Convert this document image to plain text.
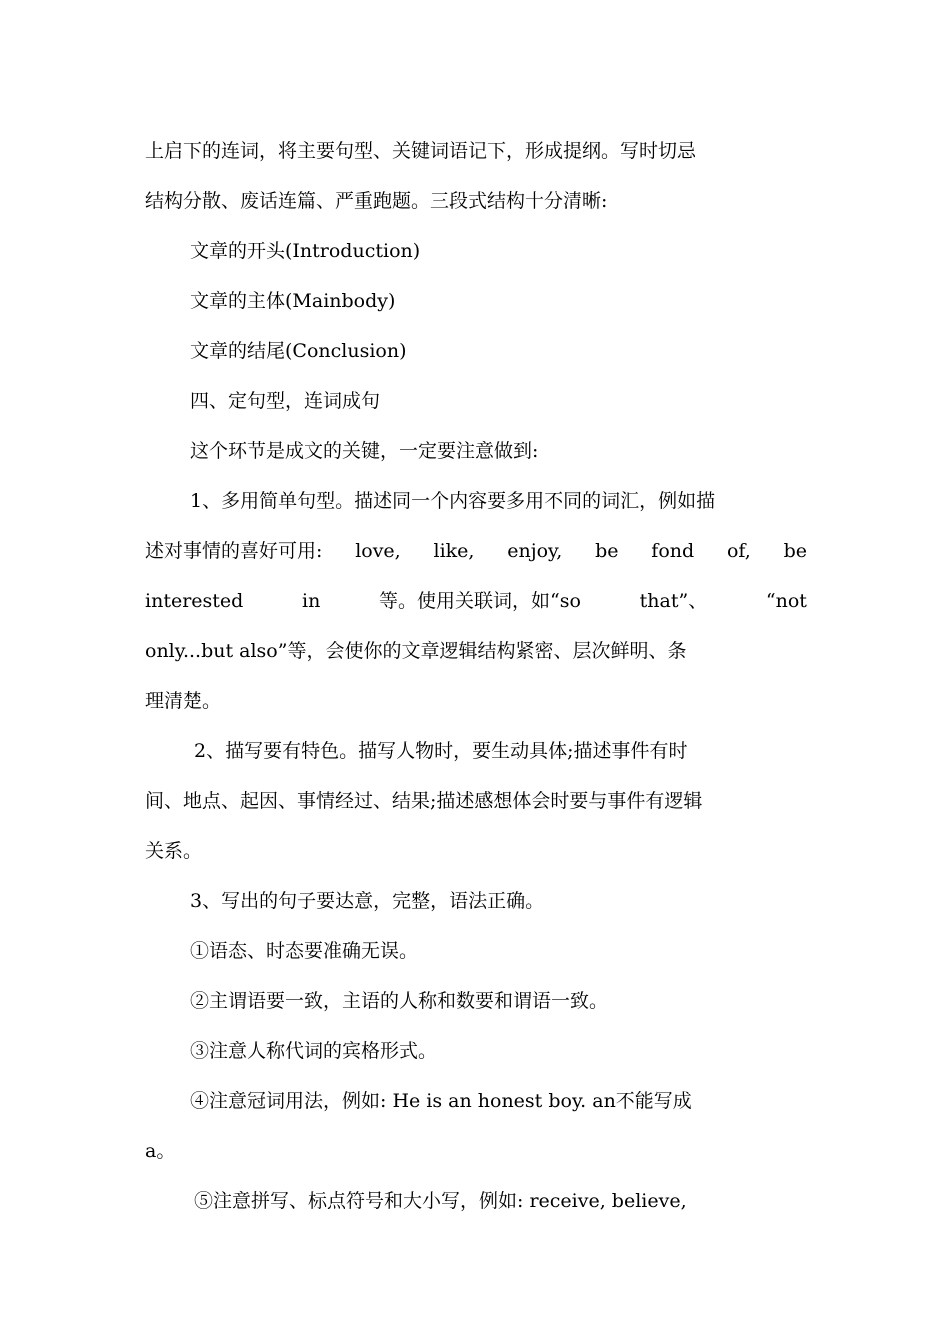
上启下的连词，将主要句型、关键词语记下，形成提纲。写时切忌

结构分散、废话连篇、严重跑题。三段式结构十分清晰:

文章的开头(Introduction)

文章的主体(Mainbody)

文章的结尾(Conclusion)

四、定句型，连词成句

这个环节是成文的关键，一定要注意做到:

1、多用简单句型。描述同一个内容要多用不同的词汇，例如描

述对事情的喜好可用: love, like, enjoy, be fond of, be

interested	in	等。使用关联词，如“so	that”、	“not

only...but also”等，会使你的文章逻辑结构紧密、层次鲜明、条

理清楚。

2、描写要有特色。描写人物时，要生动具体;描述事件有时

间、地点、起因、事情经过、结果;描述感想体会时要与事件有逻辑

关系。

3、写出的句子要达意，完整，语法正确。

①语态、时态要准确无误。

②主谓语要一致，主语的人称和数要和谓语一致。

③注意人称代词的宾格形式。

④注意冠词用法，例如: He is an honest boy. an不能写成

a。

⑤注意拼写、标点符号和大小写，例如: receive, believe,
